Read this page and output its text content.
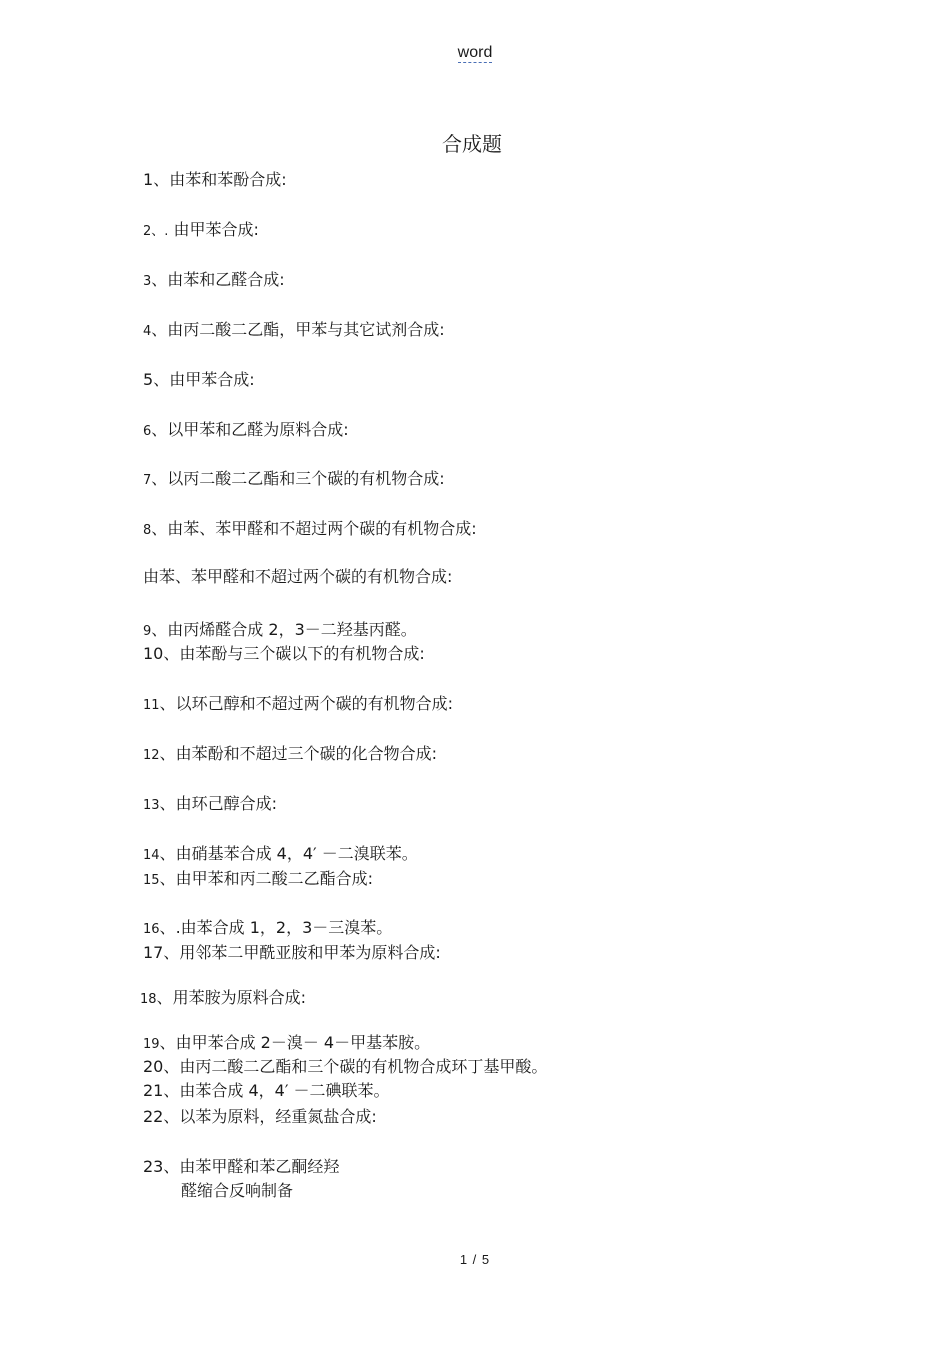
word
合成题
1、由苯和苯酚合成:
2、. 由甲苯合成:
3、由苯和乙醛合成:
4、由丙二酸二乙酯，甲苯与其它试剂合成:
5、由甲苯合成:
6、以甲苯和乙醛为原料合成:
7、以丙二酸二乙酯和三个碳的有机物合成:
8、由苯、苯甲醛和不超过两个碳的有机物合成:
由苯、苯甲醛和不超过两个碳的有机物合成:
9、由丙烯醛合成 2，3－二羟基丙醛。
10、由苯酚与三个碳以下的有机物合成:
11、以环己醇和不超过两个碳的有机物合成:
12、由苯酚和不超过三个碳的化合物合成:
13、由环己醇合成:
14、由硝基苯合成 4，4′ －二溴联苯。
15、由甲苯和丙二酸二乙酯合成:
16、.由苯合成 1，2，3－三溴苯。
17、用邻苯二甲酰亚胺和甲苯为原料合成:
18、用苯胺为原料合成:
19、由甲苯合成 2－溴－ 4－甲基苯胺。
20、由丙二酸二乙酯和三个碳的有机物合成环丁基甲酸。
21、由苯合成 4，4′ －二碘联苯。
22、以苯为原料，经重氮盐合成:
23、由苯甲醛和苯乙酮经羟
醛缩合反响制备
1 / 5
